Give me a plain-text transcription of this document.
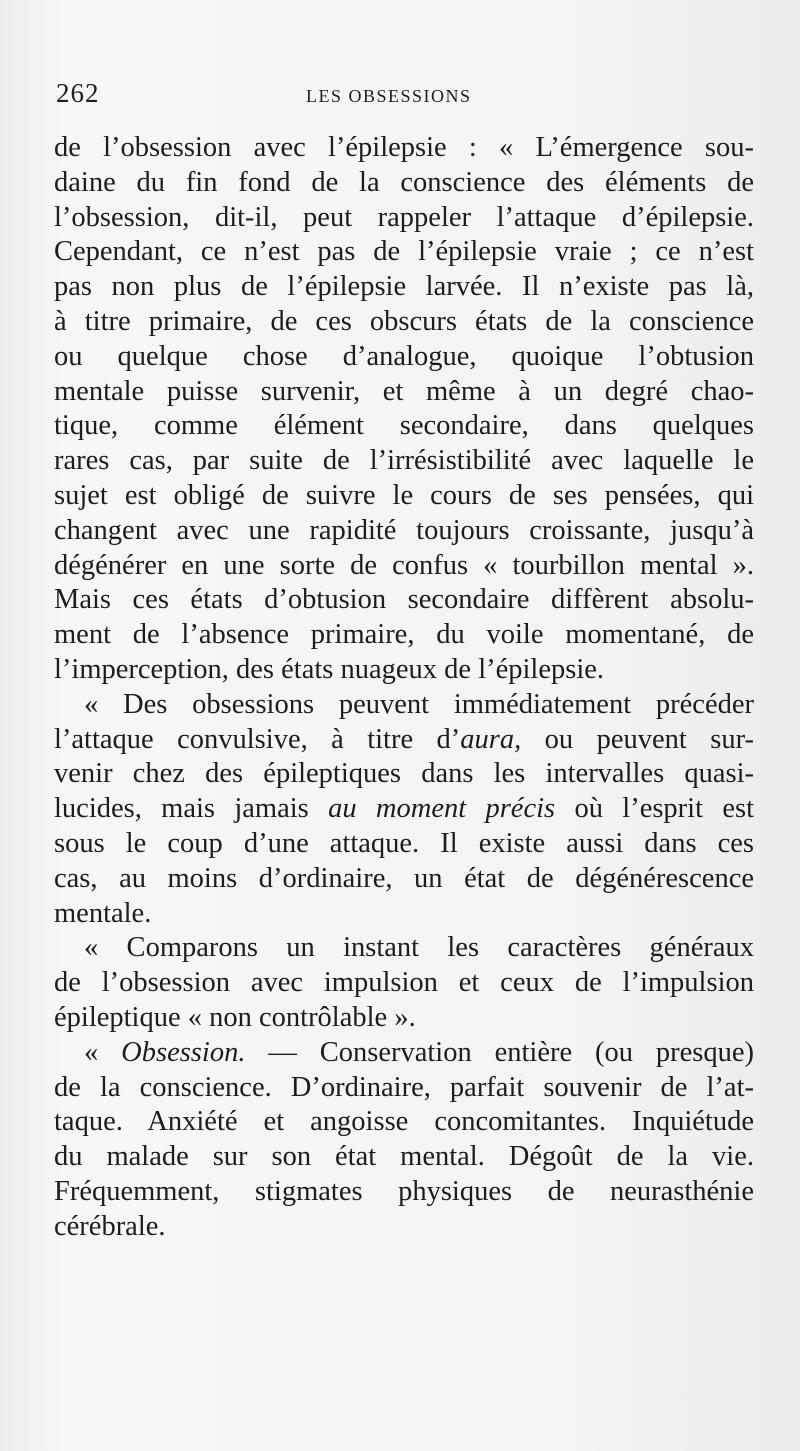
262	LES OBSESSIONS
de l’obsession avec l’épilepsie : « L’émergence sou-
daine du fin fond de la conscience des éléments de
l’obsession, dit-il, peut rappeler l’attaque d’épilepsie.
Cependant, ce n’est pas de l’épilepsie vraie ; ce n’est
pas non plus de l’épilepsie larvée. Il n’existe pas là,
à titre primaire, de ces obscurs états de la conscience
ou quelque chose d’analogue, quoique l’obtusion
mentale puisse survenir, et même à un degré chao-
tique, comme élément secondaire, dans quelques
rares cas, par suite de l’irrésistibilité avec laquelle le
sujet est obligé de suivre le cours de ses pensées, qui
changent avec une rapidité toujours croissante, jusqu’à
dégénérer en une sorte de confus « tourbillon mental ».
Mais ces états d’obtusion secondaire diffèrent absolu-
ment de l’absence primaire, du voile momentané, de
l’imperception, des états nuageux de l’épilepsie.
« Des obsessions peuvent immédiatement précéder
l’attaque convulsive, à titre d’aura, ou peuvent sur-
venir chez des épileptiques dans les intervalles quasi-
lucides, mais jamais au moment précis où l’esprit est
sous le coup d’une attaque. Il existe aussi dans ces
cas, au moins d’ordinaire, un état de dégénérescence
mentale.
« Comparons un instant les caractères généraux
de l’obsession avec impulsion et ceux de l’impulsion
épileptique « non contrôlable ».
« Obsession. — Conservation entière (ou presque)
de la conscience. D’ordinaire, parfait souvenir de l’at-
taque. Anxiété et angoisse concomitantes. Inquiétude
du malade sur son état mental. Dégoût de la vie.
Fréquemment, stigmates physiques de neurasthénie
cérébrale.
